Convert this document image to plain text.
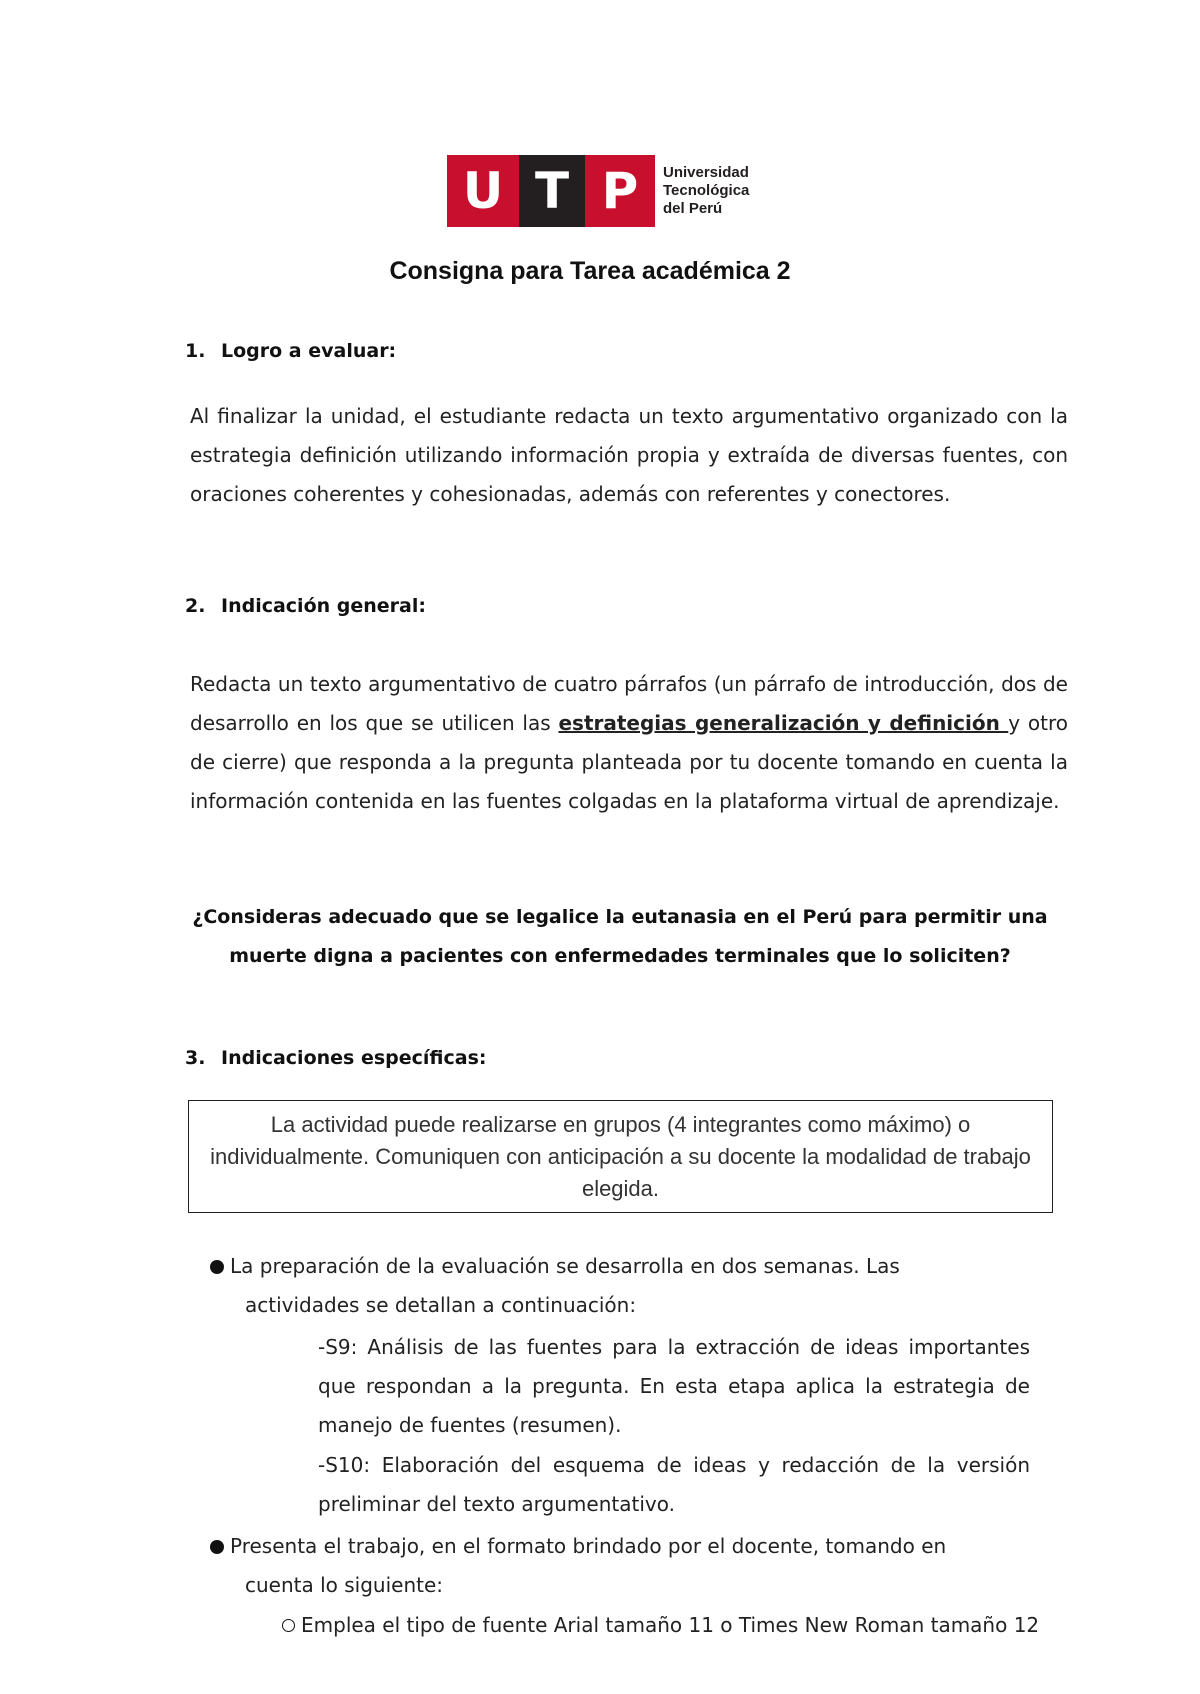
U T P	Universidad
Tecnológica
del Perú
Consigna para Tarea académica 2
1. Logro a evaluar:
Al finalizar la unidad, el estudiante redacta un texto argumentativo organizado con la estrategia definición utilizando información propia y extraída de diversas fuentes, con oraciones coherentes y cohesionadas, además con referentes y conectores.
2. Indicación general:
Redacta un texto argumentativo de cuatro párrafos (un párrafo de introducción, dos de desarrollo en los que se utilicen las estrategias generalización y definición y otro de cierre) que responda a la pregunta planteada por tu docente tomando en cuenta la información contenida en las fuentes colgadas en la plataforma virtual de aprendizaje.
¿Consideras adecuado que se legalice la eutanasia en el Perú para permitir una muerte digna a pacientes con enfermedades terminales que lo soliciten?
3. Indicaciones específicas:
La actividad puede realizarse en grupos (4 integrantes como máximo) o individualmente. Comuniquen con anticipación a su docente la modalidad de trabajo elegida.
La preparación de la evaluación se desarrolla en dos semanas. Las
actividades se detallan a continuación:
-S9: Análisis de las fuentes para la extracción de ideas importantes que respondan a la pregunta. En esta etapa aplica la estrategia de manejo de fuentes (resumen).
-S10: Elaboración del esquema de ideas y redacción de la versión preliminar del texto argumentativo.
Presenta el trabajo, en el formato brindado por el docente, tomando en
cuenta lo siguiente:
Emplea el tipo de fuente Arial tamaño 11 o Times New Roman tamaño 12
